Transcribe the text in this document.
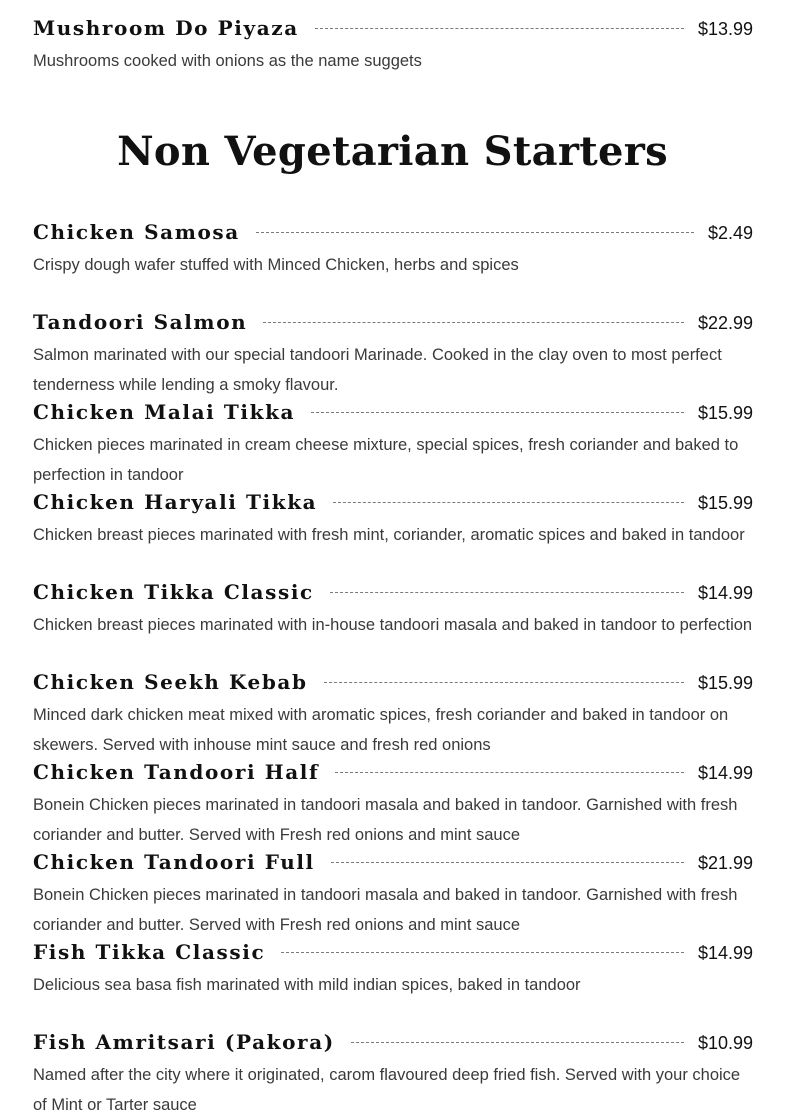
Mushroom Do Piyaza	$13.99
Mushrooms cooked with onions as the name suggets
Non Vegetarian Starters
Chicken Samosa	$2.49
Crispy dough wafer stuffed with Minced Chicken, herbs and spices
Tandoori Salmon	$22.99
Salmon marinated with our special tandoori Marinade. Cooked in the clay oven to most perfect tenderness while lending a smoky flavour.
Chicken Malai Tikka	$15.99
Chicken pieces marinated in cream cheese mixture, special spices, fresh coriander and baked to perfection in tandoor
Chicken Haryali Tikka	$15.99
Chicken breast pieces marinated with fresh mint, coriander, aromatic spices and baked in tandoor
Chicken Tikka Classic	$14.99
Chicken breast pieces marinated with in-house tandoori masala and baked in tandoor to perfection
Chicken Seekh Kebab	$15.99
Minced dark chicken meat mixed with aromatic spices, fresh coriander and baked in tandoor on skewers. Served with inhouse mint sauce and fresh red onions
Chicken Tandoori Half	$14.99
Bonein Chicken pieces marinated in tandoori masala and baked in tandoor. Garnished with fresh coriander and butter. Served with Fresh red onions and mint sauce
Chicken Tandoori Full	$21.99
Bonein Chicken pieces marinated in tandoori masala and baked in tandoor. Garnished with fresh coriander and butter. Served with Fresh red onions and mint sauce
Fish Tikka Classic	$14.99
Delicious sea basa fish marinated with mild indian spices, baked in tandoor
Fish Amritsari (Pakora)	$10.99
Named after the city where it originated, carom flavoured deep fried fish. Served with your choice of Mint or Tarter sauce
